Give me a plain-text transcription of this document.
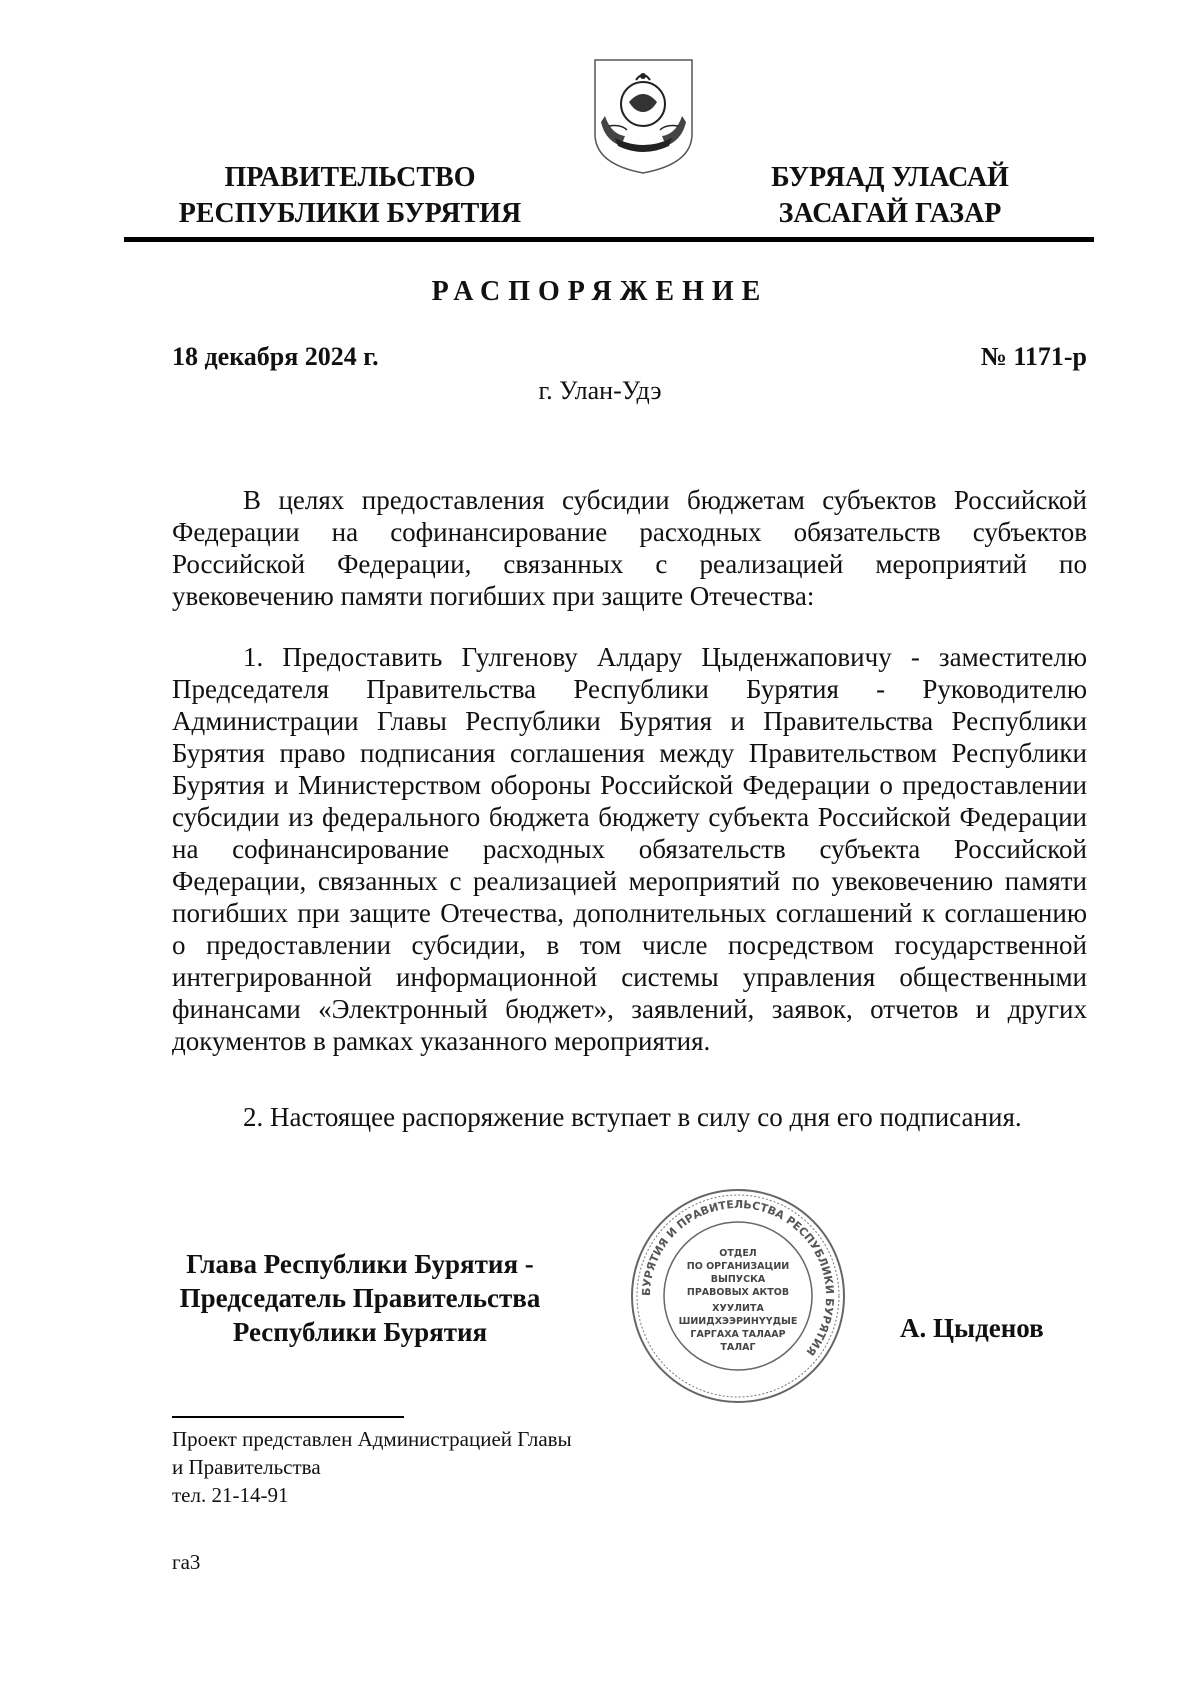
ПРАВИТЕЛЬСТВО
РЕСПУБЛИКИ БУРЯТИЯ
БУРЯАД УЛАСАЙ
ЗАСАГАЙ ГАЗАР
РАСПОРЯЖЕНИЕ
18 декабря 2024 г.	№ 1171-р
г. Улан-Удэ

В целях предоставления субсидии бюджетам субъектов Российской Федерации на софинансирование расходных обязательств субъектов Российской Федерации, связанных с реализацией мероприятий по увековечению памяти погибших при защите Отечества:

1. Предоставить Гулгенову Алдару Цыденжаповичу - заместителю Председателя Правительства Республики Бурятия - Руководителю Администрации Главы Республики Бурятия и Правительства Республики Бурятия право подписания соглашения между Правительством Республики Бурятия и Министерством обороны Российской Федерации о предоставлении субсидии из федерального бюджета бюджету субъекта Российской Федерации на софинансирование расходных обязательств субъекта Российской Федерации, связанных с реализацией мероприятий по увековечению памяти погибших при защите Отечества, дополнительных соглашений к соглашению о предоставлении субсидии, в том числе посредством государственной интегрированной информационной системы управления общественными финансами «Электронный бюджет», заявлений, заявок, отчетов и других документов в рамках указанного мероприятия.

2. Настоящее распоряжение вступает в силу со дня его подписания.

Глава Республики Бурятия -
Председатель Правительства
Республики Бурятия
БУРЯТИЯ И ПРАВИТЕЛЬСТВА РЕСПУБЛИКИ БУРЯТИЯ
ОТДЕЛ
ПО ОРГАНИЗАЦИИ
ВЫПУСКА
ПРАВОВЫХ АКТОВ
ХУУЛИТА
ШИИДХЭЭРИНҮҮДЫЕ
ГАРГАХА ТАЛААР
ТАЛАГ
А. Цыденов
Проект представлен Администрацией Главы
и Правительства
тел. 21-14-91
га3
